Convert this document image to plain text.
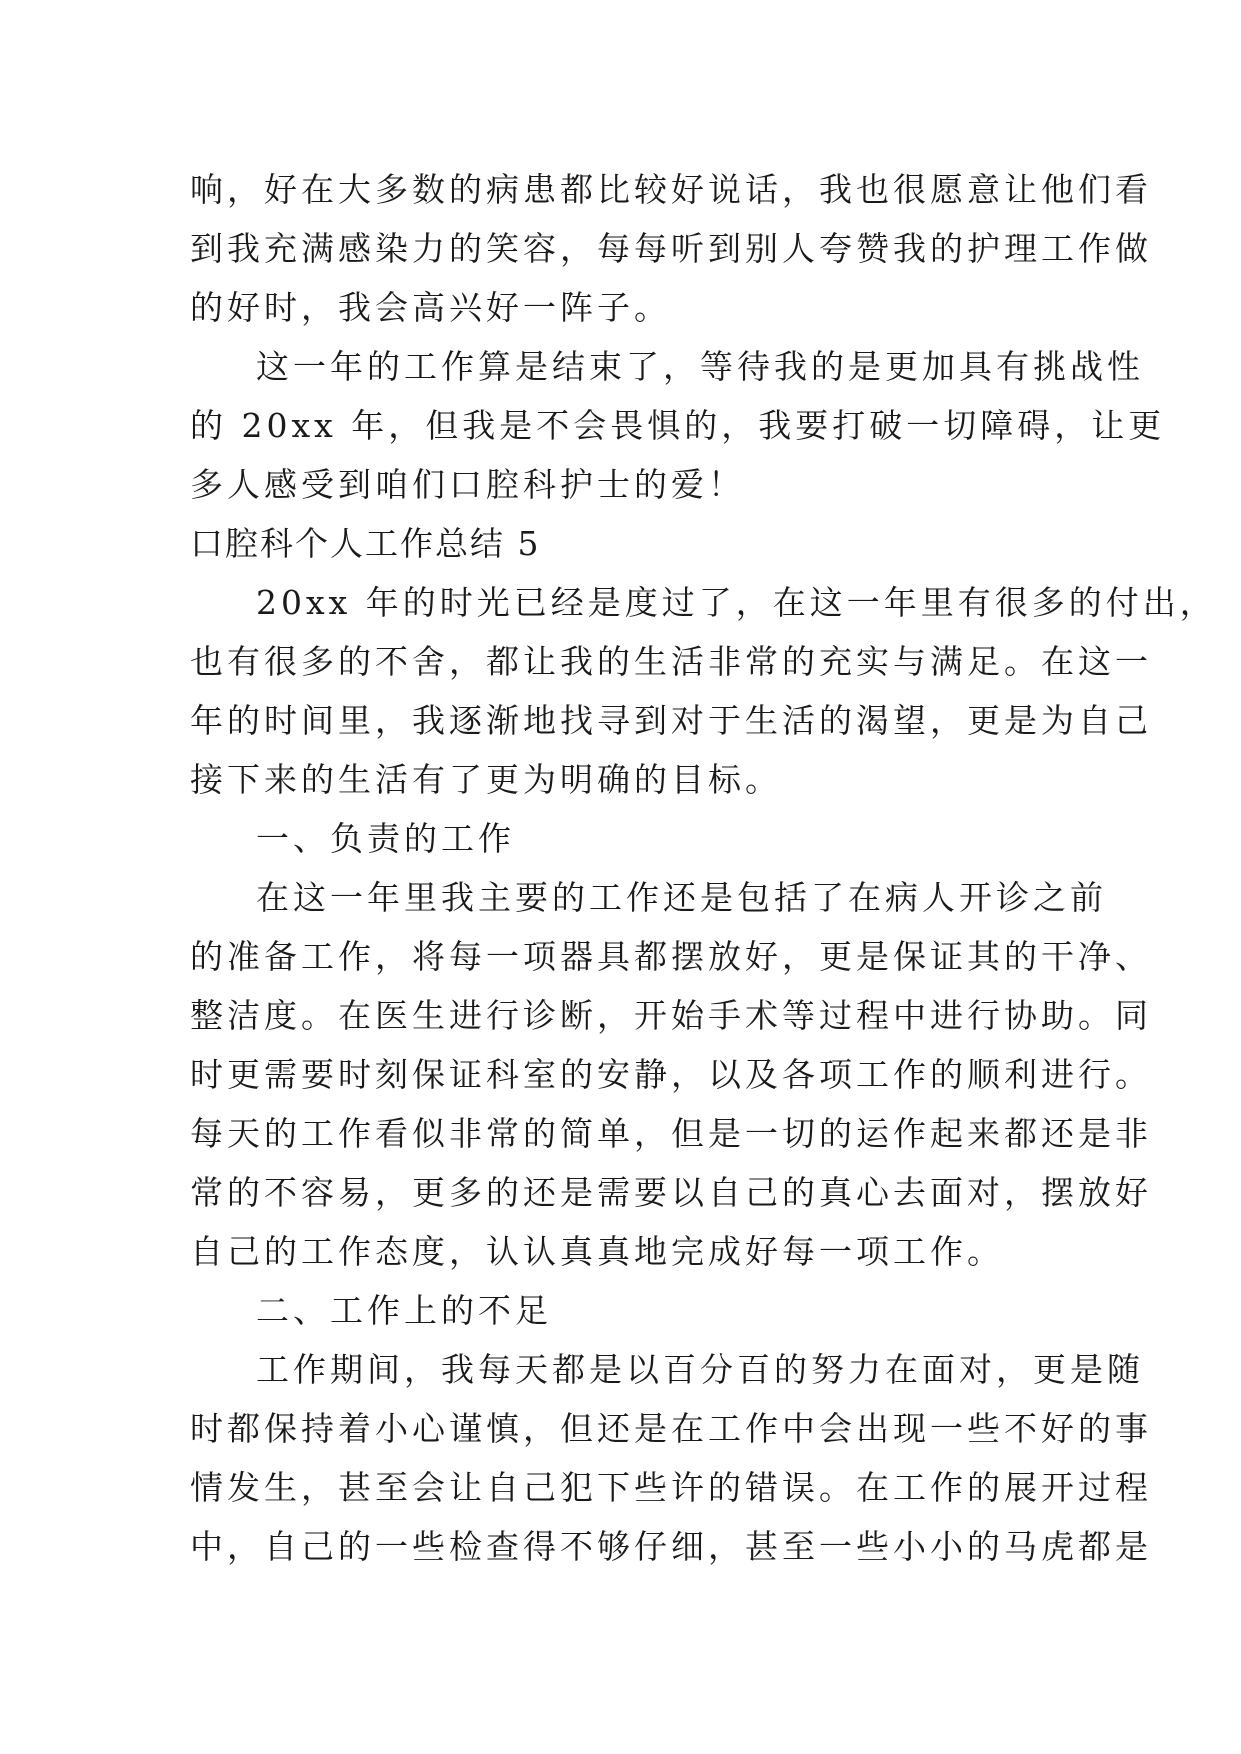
响，好在大多数的病患都比较好说话，我也很愿意让他们看
到我充满感染力的笑容，每每听到别人夸赞我的护理工作做
的好时，我会高兴好一阵子。
这一年的工作算是结束了，等待我的是更加具有挑战性
的 20xx 年，但我是不会畏惧的，我要打破一切障碍，让更
多人感受到咱们口腔科护士的爱！
口腔科个人工作总结 5
20xx 年的时光已经是度过了，在这一年里有很多的付出，
也有很多的不舍，都让我的生活非常的充实与满足。在这一
年的时间里，我逐渐地找寻到对于生活的渴望，更是为自己
接下来的生活有了更为明确的目标。
一、负责的工作
在这一年里我主要的工作还是包括了在病人开诊之前
的准备工作，将每一项器具都摆放好，更是保证其的干净、
整洁度。在医生进行诊断，开始手术等过程中进行协助。同
时更需要时刻保证科室的安静，以及各项工作的顺利进行。
每天的工作看似非常的简单，但是一切的运作起来都还是非
常的不容易，更多的还是需要以自己的真心去面对，摆放好
自己的工作态度，认认真真地完成好每一项工作。
二、工作上的不足
工作期间，我每天都是以百分百的努力在面对，更是随
时都保持着小心谨慎，但还是在工作中会出现一些不好的事
情发生，甚至会让自己犯下些许的错误。在工作的展开过程
中，自己的一些检查得不够仔细，甚至一些小小的马虎都是
